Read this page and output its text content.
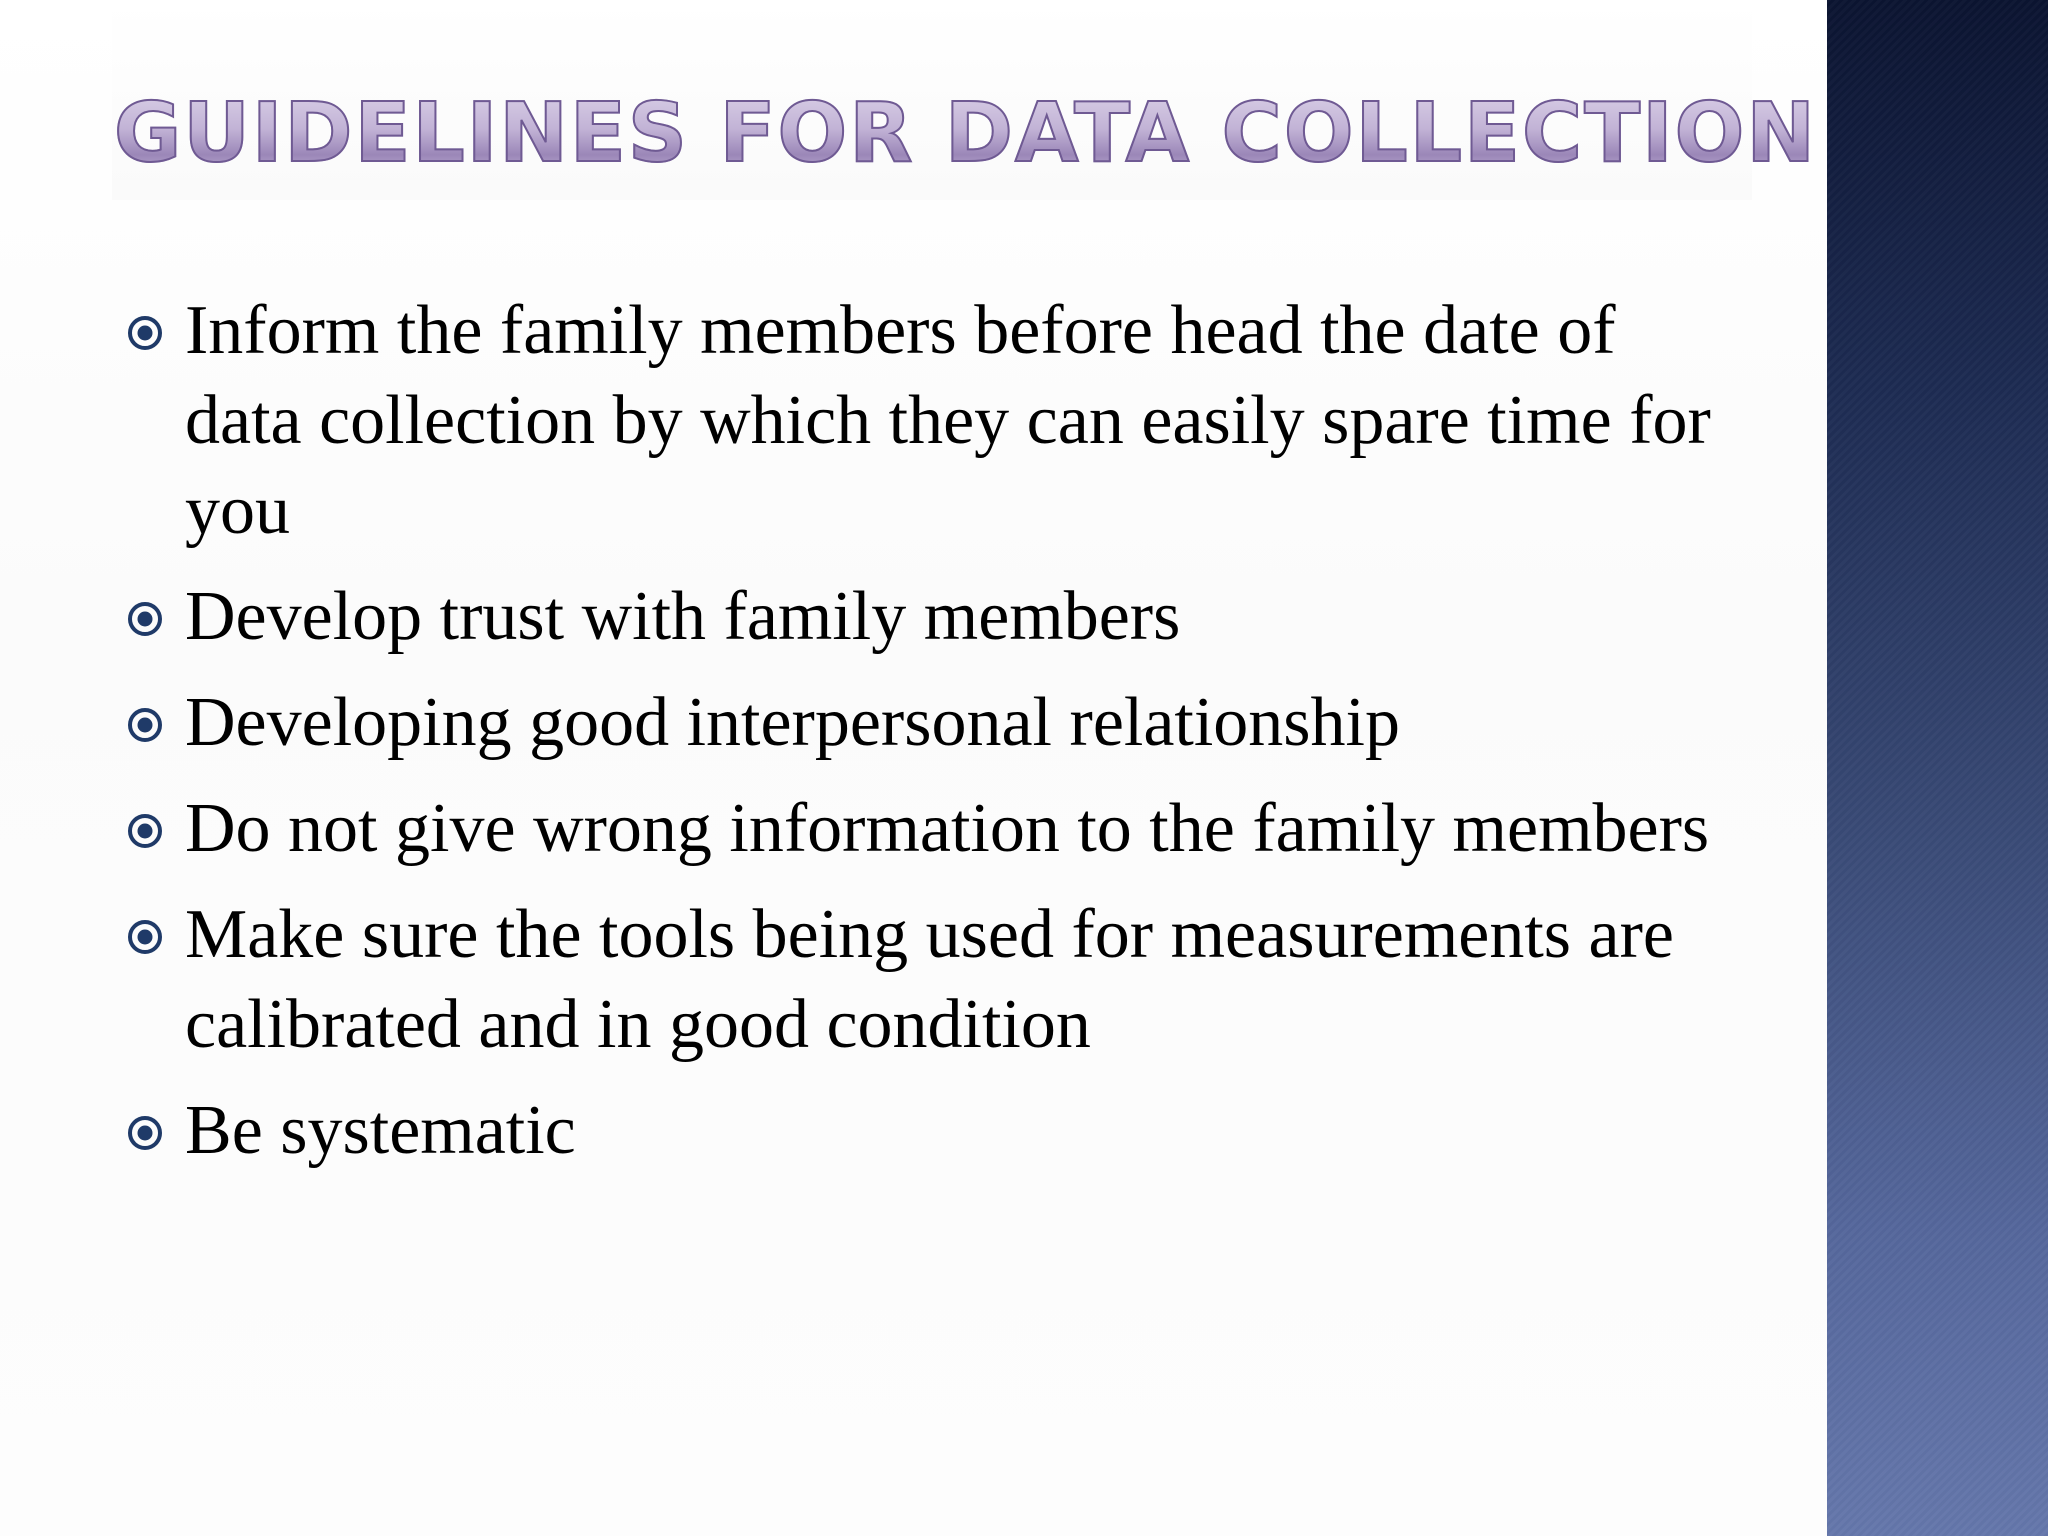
GUIDELINES FOR DATA COLLECTION
Inform the family members before head the date of data collection by which they can easily spare time for you
Develop trust with family members
Developing good interpersonal relationship
Do not give wrong information to the family members
Make sure the tools being used for measurements are calibrated and in good condition
Be systematic
